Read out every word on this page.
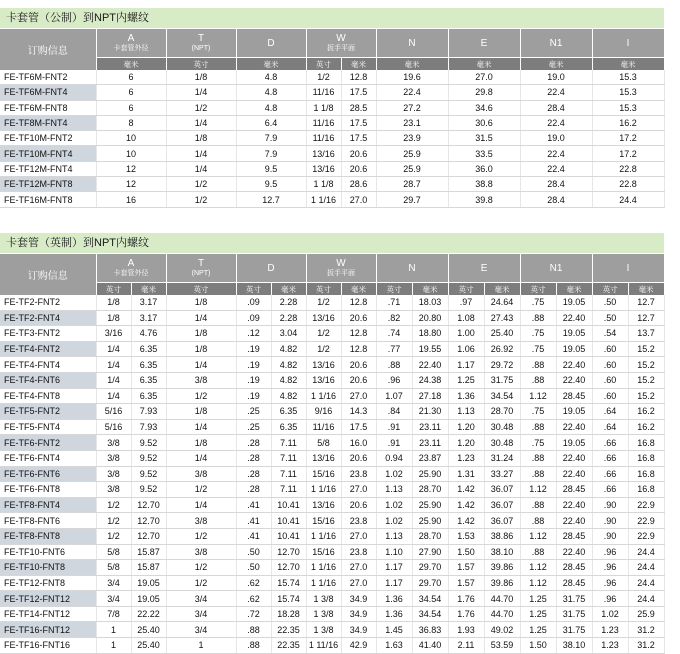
卡套管（公制）到NPT内螺纹
订购信息	A
卡套管外径	T
(NPT)	D	W
扳手平面		N	E	N1	I

	毫米	英寸	毫米	英寸	毫米	毫米	毫米	毫米	毫米
FE-TF6M-FNT2	6	1/8	4.8	1/2	12.8	19.6	27.0	19.0	15.3
FE-TF6M-FNT4	6	1/4	4.8	11/16	17.5	22.4	29.8	22.4	15.3
FE-TF6M-FNT8	6	1/2	4.8	1 1/8	28.5	27.2	34.6	28.4	15.3
FE-TF8M-FNT4	8	1/4	6.4	11/16	17.5	23.1	30.6	22.4	16.2
FE-TF10M-FNT2	10	1/8	7.9	11/16	17.5	23.9	31.5	19.0	17.2
FE-TF10M-FNT4	10	1/4	7.9	13/16	20.6	25.9	33.5	22.4	17.2
FE-TF12M-FNT4	12	1/4	9.5	13/16	20.6	25.9	36.0	22.4	22.8
FE-TF12M-FNT8	12	1/2	9.5	1 1/8	28.6	28.7	38.8	28.4	22.8
FE-TF16M-FNT8	16	1/2	12.7	1 1/16	27.0	29.7	39.8	28.4	24.4
卡套管（英制）到NPT内螺纹
订购信息	A
卡套管外径		T
(NPT)	D		W
扳手平面		N		E		N1		I	

	英寸	毫米	英寸	英寸	毫米	英寸	毫米	英寸	毫米	英寸	毫米	英寸	毫米	英寸	毫米
FE-TF2-FNT2	1/8	3.17	1/8	.09	2.28	1/2	12.8	.71	18.03	.97	24.64	.75	19.05	.50	12.7
FE-TF2-FNT4	1/8	3.17	1/4	.09	2.28	13/16	20.6	.82	20.80	1.08	27.43	.88	22.40	.50	12.7
FE-TF3-FNT2	3/16	4.76	1/8	.12	3.04	1/2	12.8	.74	18.80	1.00	25.40	.75	19.05	.54	13.7
FE-TF4-FNT2	1/4	6.35	1/8	.19	4.82	1/2	12.8	.77	19.55	1.06	26.92	.75	19.05	.60	15.2
FE-TF4-FNT4	1/4	6.35	1/4	.19	4.82	13/16	20.6	.88	22.40	1.17	29.72	.88	22.40	.60	15.2
FE-TF4-FNT6	1/4	6.35	3/8	.19	4.82	13/16	20.6	.96	24.38	1.25	31.75	.88	22.40	.60	15.2
FE-TF4-FNT8	1/4	6.35	1/2	.19	4.82	1 1/16	27.0	1.07	27.18	1.36	34.54	1.12	28.45	.60	15.2
FE-TF5-FNT2	5/16	7.93	1/8	.25	6.35	9/16	14.3	.84	21.30	1.13	28.70	.75	19.05	.64	16.2
FE-TF5-FNT4	5/16	7.93	1/4	.25	6.35	11/16	17.5	.91	23.11	1.20	30.48	.88	22.40	.64	16.2
FE-TF6-FNT2	3/8	9.52	1/8	.28	7.11	5/8	16.0	.91	23.11	1.20	30.48	.75	19.05	.66	16.8
FE-TF6-FNT4	3/8	9.52	1/4	.28	7.11	13/16	20.6	0.94	23.87	1.23	31.24	.88	22.40	.66	16.8
FE-TF6-FNT6	3/8	9.52	3/8	.28	7.11	15/16	23.8	1.02	25.90	1.31	33.27	.88	22.40	.66	16.8
FE-TF6-FNT8	3/8	9.52	1/2	.28	7.11	1 1/16	27.0	1.13	28.70	1.42	36.07	1.12	28.45	.66	16.8
FE-TF8-FNT4	1/2	12.70	1/4	.41	10.41	13/16	20.6	1.02	25.90	1.42	36.07	.88	22.40	.90	22.9
FE-TF8-FNT6	1/2	12.70	3/8	.41	10.41	15/16	23.8	1.02	25.90	1.42	36.07	.88	22.40	.90	22.9
FE-TF8-FNT8	1/2	12.70	1/2	.41	10.41	1 1/16	27.0	1.13	28.70	1.53	38.86	1.12	28.45	.90	22.9
FE-TF10-FNT6	5/8	15.87	3/8	.50	12.70	15/16	23.8	1.10	27.90	1.50	38.10	.88	22.40	.96	24.4
FE-TF10-FNT8	5/8	15.87	1/2	.50	12.70	1 1/16	27.0	1.17	29.70	1.57	39.86	1.12	28.45	.96	24.4
FE-TF12-FNT8	3/4	19.05	1/2	.62	15.74	1 1/16	27.0	1.17	29.70	1.57	39.86	1.12	28.45	.96	24.4
FE-TF12-FNT12	3/4	19.05	3/4	.62	15.74	1 3/8	34.9	1.36	34.54	1.76	44.70	1.25	31.75	.96	24.4
FE-TF14-FNT12	7/8	22.22	3/4	.72	18.28	1 3/8	34.9	1.36	34.54	1.76	44.70	1.25	31.75	1.02	25.9
FE-TF16-FNT12	1	25.40	3/4	.88	22.35	1 3/8	34.9	1.45	36.83	1.93	49.02	1.25	31.75	1.23	31.2
FE-TF16-FNT16	1	25.40	1	.88	22.35	1 11/16	42.9	1.63	41.40	2.11	53.59	1.50	38.10	1.23	31.2
